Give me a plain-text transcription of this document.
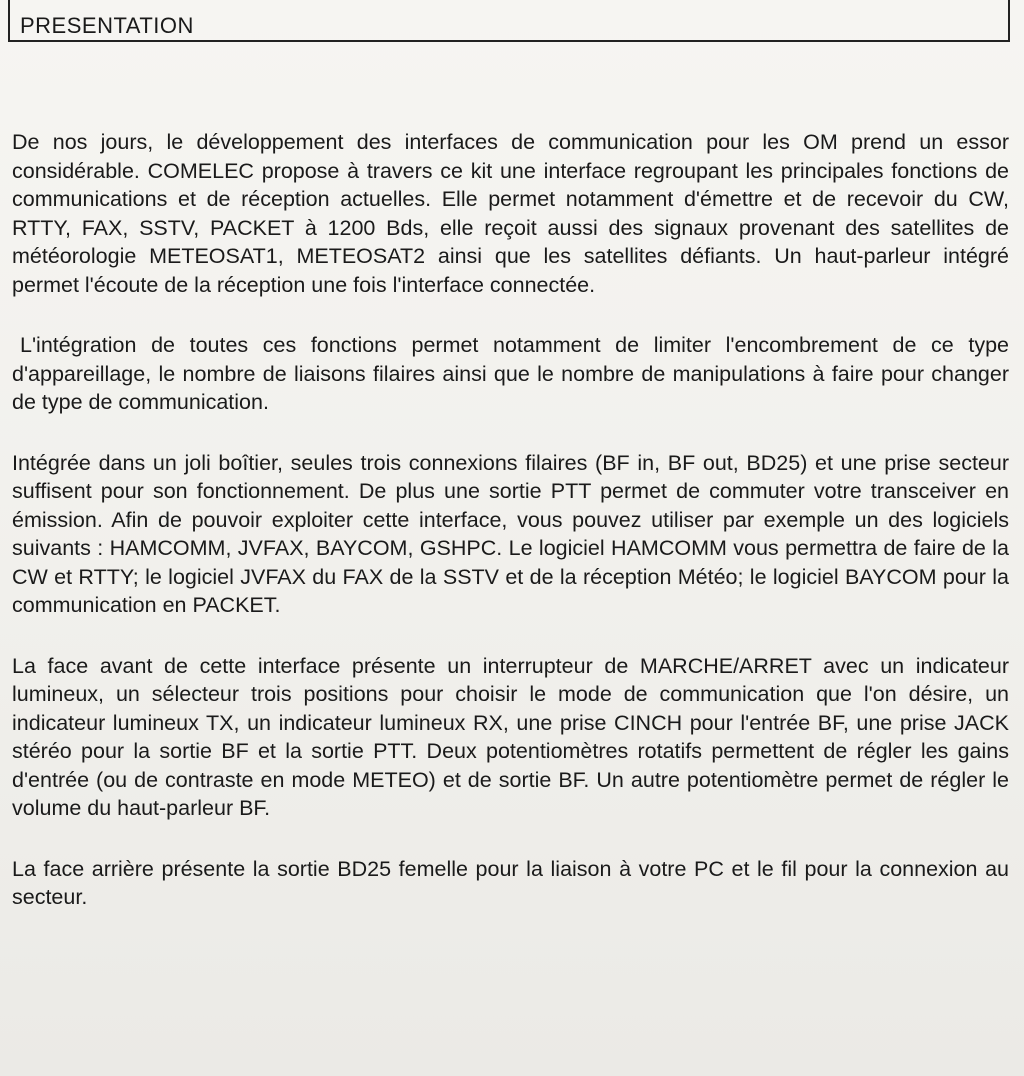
PRESENTATION

De nos jours, le développement des interfaces de communication pour les OM prend un essor considérable. COMELEC propose à travers ce kit une interface regroupant les principales fonctions de communications et de réception actuelles. Elle permet notamment d'émettre et de recevoir du CW, RTTY, FAX, SSTV, PACKET à 1200 Bds, elle reçoit aussi des signaux provenant des satellites de météorologie METEOSAT1, METEOSAT2 ainsi que les satellites défiants. Un haut-parleur intégré permet l'écoute de la réception une fois l'interface connectée.

L'intégration de toutes ces fonctions permet notamment de limiter l'encombrement de ce type d'appareillage, le nombre de liaisons filaires ainsi que le nombre de manipulations à faire pour changer de type de communication.

Intégrée dans un joli boîtier, seules trois connexions filaires (BF in, BF out, BD25) et une prise secteur suffisent pour son fonctionnement. De plus une sortie PTT permet de commuter votre transceiver en émission. Afin de pouvoir exploiter cette interface, vous pouvez utiliser par exemple un des logiciels suivants : HAMCOMM, JVFAX, BAYCOM, GSHPC. Le logiciel HAMCOMM vous permettra de faire de la CW et RTTY; le logiciel JVFAX du FAX de la SSTV et de la réception Météo; le logiciel BAYCOM pour la communication en PACKET.

La face avant de cette interface présente un interrupteur de MARCHE/ARRET avec un indicateur lumineux, un sélecteur trois positions pour choisir le mode de communication que l'on désire, un indicateur lumineux TX, un indicateur lumineux RX, une prise CINCH pour l'entrée BF, une prise JACK stéréo pour la sortie BF et la sortie PTT. Deux potentiomètres rotatifs permettent de régler les gains d'entrée (ou de contraste en mode METEO) et de sortie BF. Un autre potentiomètre permet de régler le volume du haut-parleur BF.

La face arrière présente la sortie BD25 femelle pour la liaison à votre PC et le fil pour la connexion au secteur.
